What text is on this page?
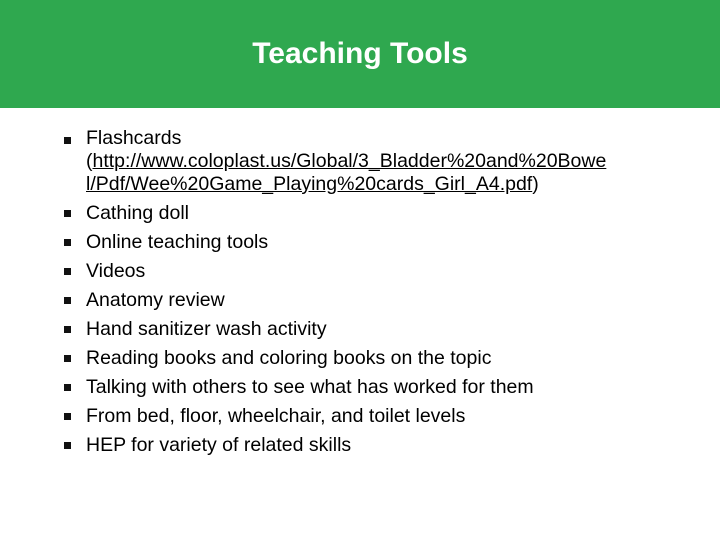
Teaching Tools
Flashcards
(http://www.coloplast.us/Global/3_Bladder%20and%20Bowe
l/Pdf/Wee%20Game_Playing%20cards_Girl_A4.pdf)
Cathing doll
Online teaching tools
Videos
Anatomy review
Hand sanitizer wash activity
Reading books and coloring books on the topic
Talking with others to see what has worked for them
From bed, floor, wheelchair, and toilet levels
HEP for variety of related skills
